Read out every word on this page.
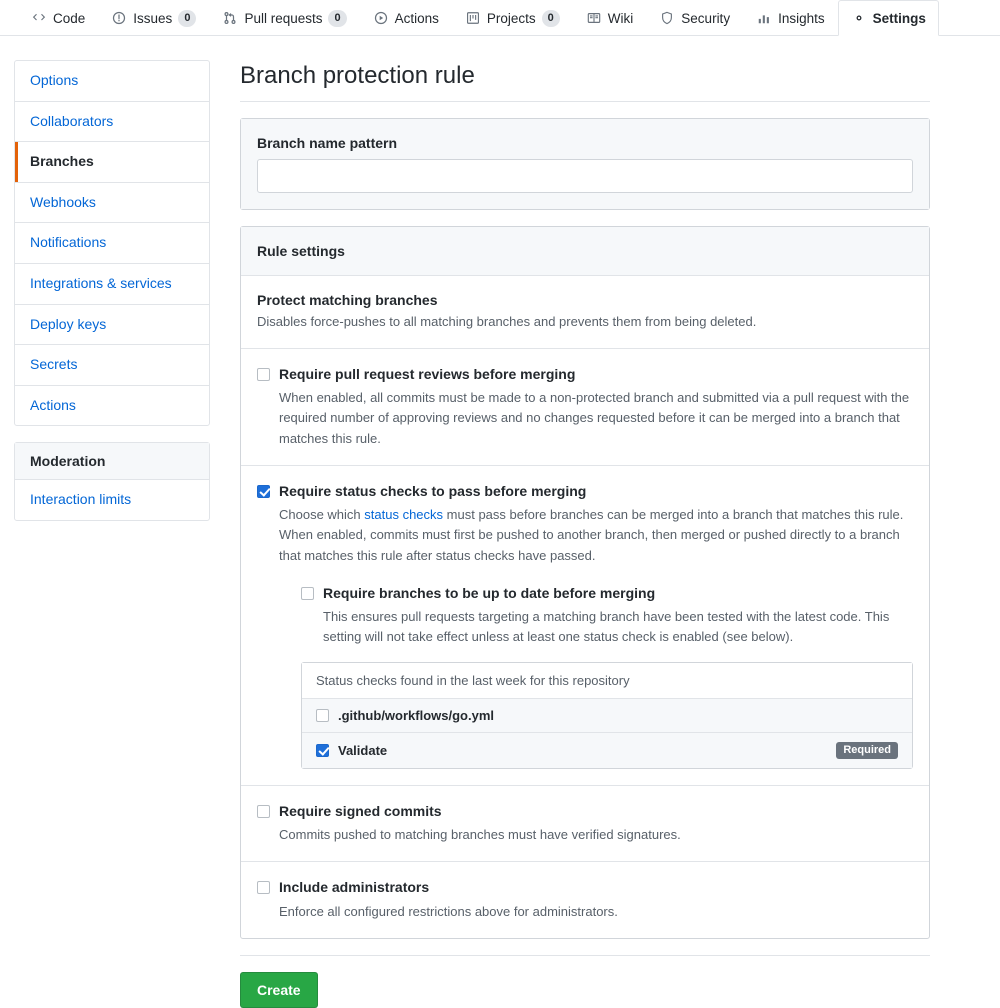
Code	Issues	0	Pull requests	0	Actions	Projects	0	Wiki	Security	Insights	Settings
Options
Collaborators
Branches
Webhooks
Notifications
Integrations & services
Deploy keys
Secrets
Actions
Moderation
Interaction limits
Branch protection rule
Branch name pattern
Rule settings
Protect matching branches

Disables force-pushes to all matching branches and prevents them from being deleted.

Require pull request reviews before merging
When enabled, all commits must be made to a non-protected branch and submitted via a pull request with the required number of approving reviews and no changes requested before it can be merged into a branch that matches this rule.
Require status checks to pass before merging
Choose which status checks must pass before branches can be merged into a branch that matches this rule. When enabled, commits must first be pushed to another branch, then merged or pushed directly to a branch that matches this rule after status checks have passed.
Require branches to be up to date before merging
This ensures pull requests targeting a matching branch have been tested with the latest code. This setting will not take effect unless at least one status check is enabled (see below).
Status checks found in the last week for this repository
.github/workflows/go.yml
Validate	Required
Require signed commits
Commits pushed to matching branches must have verified signatures.
Include administrators
Enforce all configured restrictions above for administrators.
Create
